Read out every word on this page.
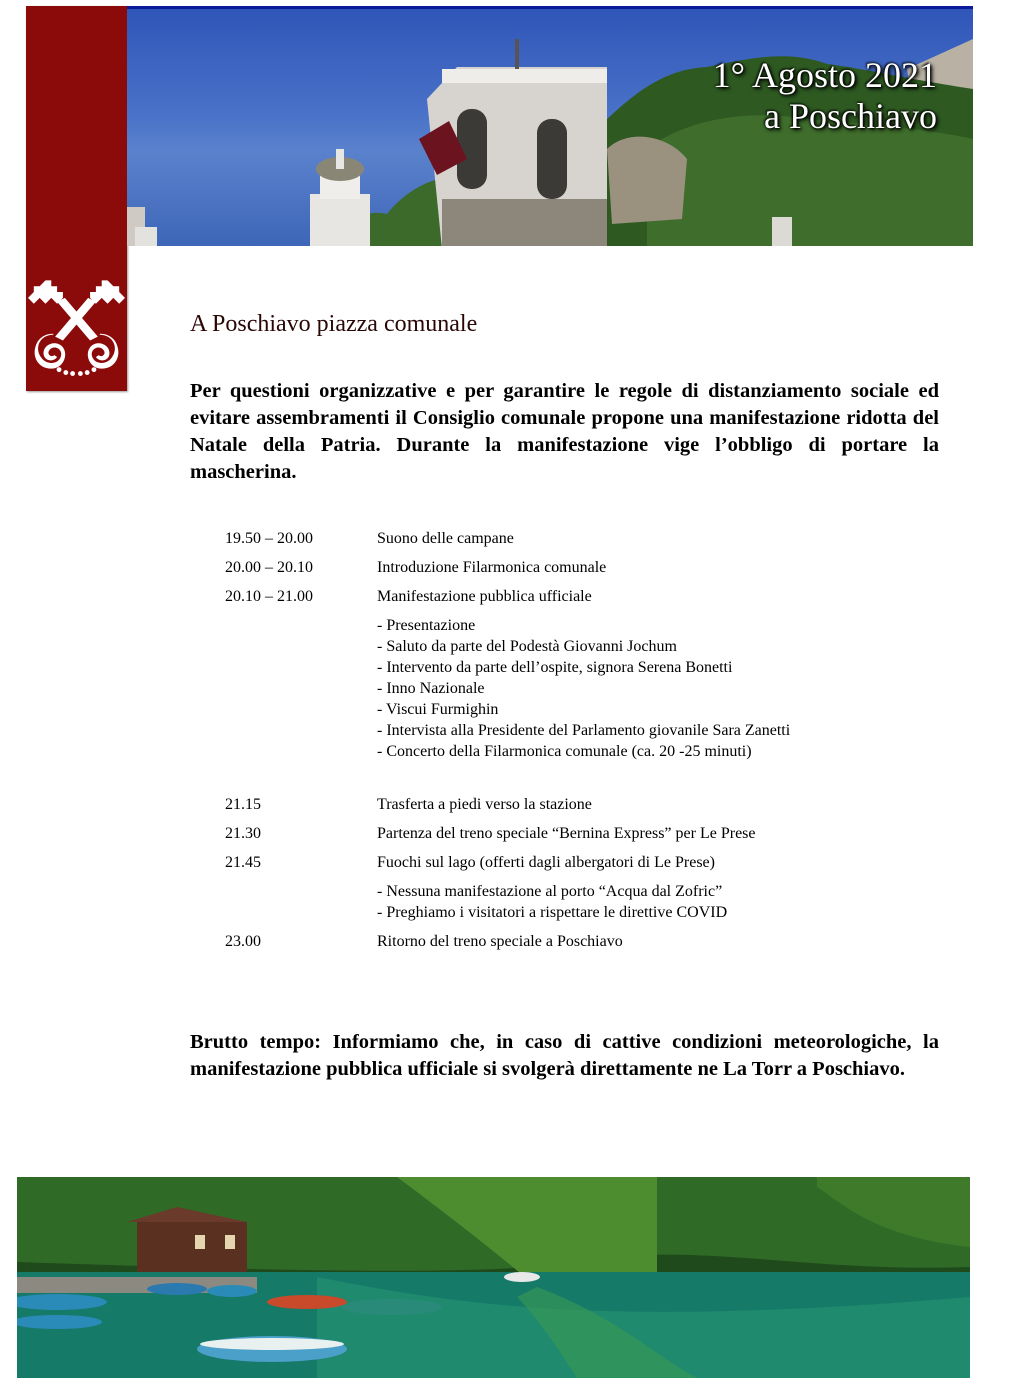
1° Agosto 2021
a Poschiavo
A Poschiavo piazza comunale
Per questioni organizzative e per garantire le regole di distanziamento sociale ed evitare assembramenti il Consiglio comunale propone una manifestazione ridotta del Natale della Patria. Durante la manifestazione vige l’obbligo di portare la mascherina.
19.50 – 20.00	Suono delle campane
20.00 – 20.10	Introduzione Filarmonica comunale
20.10 – 21.00	Manifestazione pubblica ufficiale
- Presentazione
- Saluto da parte del Podestà Giovanni Jochum
- Intervento da parte dell’ospite, signora Serena Bonetti
- Inno Nazionale
- Viscui Furmighin
- Intervista alla Presidente del Parlamento giovanile Sara Zanetti
- Concerto della Filarmonica comunale (ca. 20 -25 minuti)
21.15	Trasferta a piedi verso la stazione
21.30	Partenza del treno speciale “Bernina Express” per Le Prese
21.45	Fuochi sul lago (offerti dagli albergatori di Le Prese)
- Nessuna manifestazione al porto “Acqua dal Zofric”
- Preghiamo i visitatori a rispettare le direttive COVID
23.00	Ritorno del treno speciale a Poschiavo
Brutto tempo: Informiamo che, in caso di cattive condizioni meteorologiche, la manifestazione pubblica ufficiale si svolgerà direttamente ne La Torr a Poschiavo.
